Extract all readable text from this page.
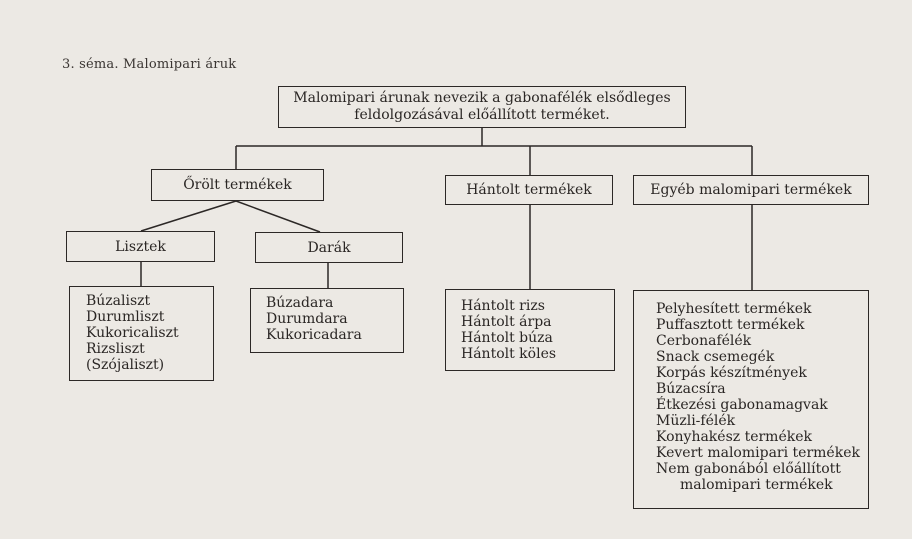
3. séma. Malomipari áruk
Malomipari árunak nevezik a gabonafélék elsődleges
feldolgozásával előállított terméket.
Őrölt termékek	Hántolt termékek	Egyéb malomipari termékek
Lisztek	Darák
Búzaliszt
Durumliszt
Kukoricaliszt
Rizsliszt
(Szójaliszt)
Búzadara
Durumdara
Kukoricadara
Hántolt rizs
Hántolt árpa
Hántolt búza
Hántolt köles
Pelyhesített termékek
Puffasztott termékek
Cerbonafélék
Snack csemegék
Korpás készítmények
Búzacsíra
Étkezési gabonamagvak
Müzli-félék
Konyhakész termékek
Kevert malomipari termékek
Nem gabonából előállított
malomipari termékek
